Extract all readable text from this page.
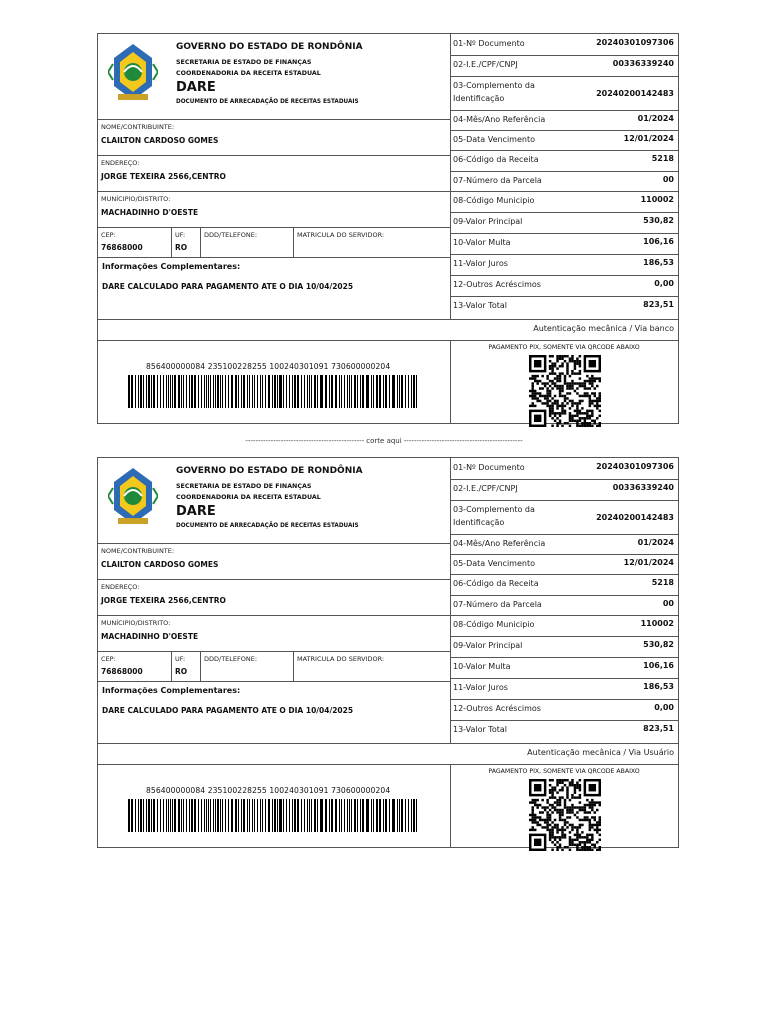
GOVERNO DO ESTADO DE RONDÔNIA
SECRETARIA DE ESTADO DE FINANÇAS
COORDENADORIA DA RECEITA ESTADUAL
DARE
DOCUMENTO DE ARRECADAÇÃO DE RECEITAS ESTADUAIS
NOME/CONTRIBUINTE:
CLAILTON CARDOSO GOMES
ENDEREÇO:
JORGE TEXEIRA 2566,CENTRO
MUNÍCIPIO/DISTRITO:
MACHADINHO D'OESTE
CEP:
76868000
UF:
RO
DDD/TELEFONE:	MATRICULA DO SERVIDOR:
Informações Complementares:
DARE CALCULADO PARA PAGAMENTO ATE O DIA 10/04/2025
01-Nº Documento	20240301097306
02-I.E./CPF/CNPJ	00336339240
03-Complemento da Identificação
20240200142483
04-Mês/Ano Referência	01/2024
05-Data Vencimento	12/01/2024
06-Código da Receita	5218
07-Número da Parcela	00
08-Código Municipio	110002
09-Valor Principal	530,82
10-Valor Multa	106,16
11-Valor Juros	186,53
12-Outros Acréscimos	0,00
13-Valor Total	823,51
Autenticação mecânica / Via banco
856400000084 235100228255 100240301091 730600000204
PAGAMENTO PIX, SOMENTE VIA QRCODE ABAIXO
GOVERNO DO ESTADO DE RONDÔNIA
SECRETARIA DE ESTADO DE FINANÇAS
COORDENADORIA DA RECEITA ESTADUAL
DARE
DOCUMENTO DE ARRECADAÇÃO DE RECEITAS ESTADUAIS
NOME/CONTRIBUINTE:
CLAILTON CARDOSO GOMES
ENDEREÇO:
JORGE TEXEIRA 2566,CENTRO
MUNÍCIPIO/DISTRITO:
MACHADINHO D'OESTE
CEP:
76868000
UF:
RO
DDD/TELEFONE:	MATRICULA DO SERVIDOR:
Informações Complementares:
DARE CALCULADO PARA PAGAMENTO ATE O DIA 10/04/2025
01-Nº Documento	20240301097306
02-I.E./CPF/CNPJ	00336339240
03-Complemento da Identificação
20240200142483
04-Mês/Ano Referência	01/2024
05-Data Vencimento	12/01/2024
06-Código da Receita	5218
07-Número da Parcela	00
08-Código Municipio	110002
09-Valor Principal	530,82
10-Valor Multa	106,16
11-Valor Juros	186,53
12-Outros Acréscimos	0,00
13-Valor Total	823,51
Autenticação mecânica / Via Usuário
856400000084 235100228255 100240301091 730600000204
PAGAMENTO PIX, SOMENTE VIA QRCODE ABAIXO
----------------------------------------------- corte aqui -----------------------------------------------
